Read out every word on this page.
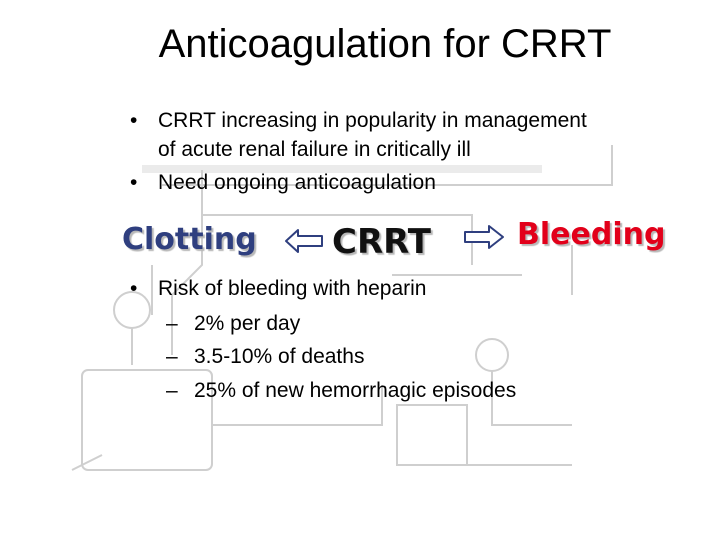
Anticoagulation for CRRT
• CRRT increasing in popularity in management
of acute renal failure in critically ill
• Need ongoing anticoagulation
Clotting CRRT	Bleeding
• Risk of bleeding with heparin
– 2% per day
– 3.5-10% of deaths
– 25% of new hemorrhagic episodes
